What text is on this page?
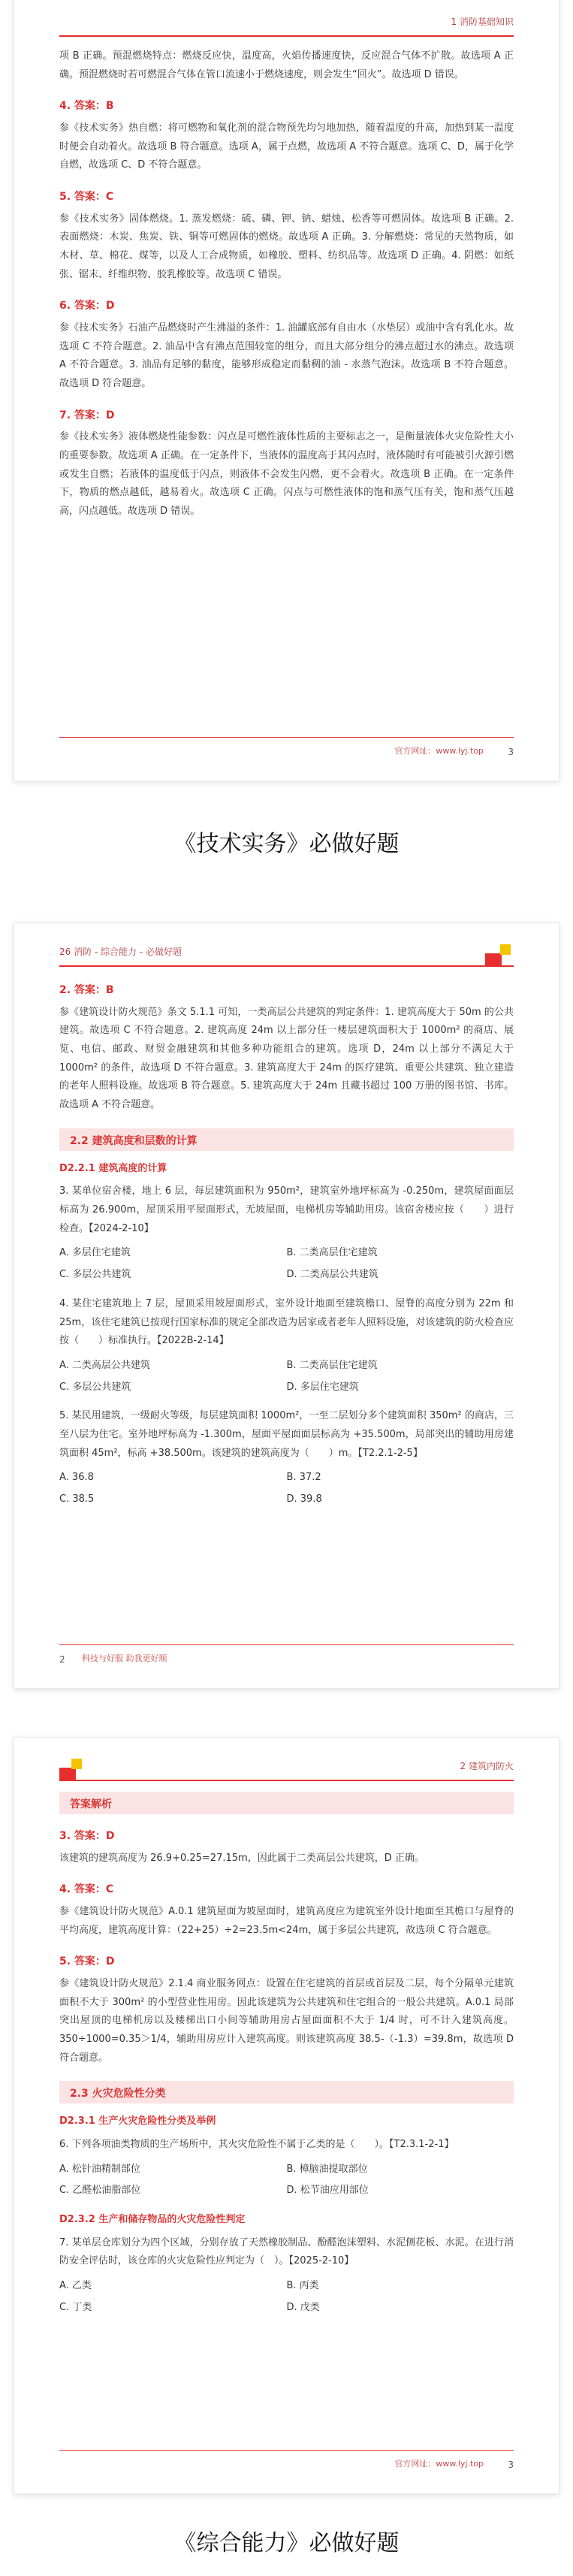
1 消防基础知识

项 B 正确。预混燃烧特点：燃烧反应快，温度高，火焰传播速度快，反应混合气体不扩散。故选项 A 正确。预混燃烧时若可燃混合气体在管口流速小于燃烧速度，则会发生“回火”。故选项 D 错误。

4. 答案：B

参《技术实务》热自燃：将可燃物和氧化剂的混合物预先均匀地加热，随着温度的升高，加热到某一温度时便会自动着火。故选项 B 符合题意。选项 A，属于点燃，故选项 A 不符合题意。选项 C、D，属于化学自燃，故选项 C、D 不符合题意。

5. 答案：C

参《技术实务》固体燃烧。1. 蒸发燃烧：硫、磷、钾、钠、蜡烛、松香等可燃固体。故选项 B 正确。2. 表面燃烧：木炭、焦炭、铁、铜等可燃固体的燃烧。故选项 A 正确。3. 分解燃烧：常见的天然物质，如木材、草、棉花、煤等，以及人工合成物质，如橡胶、塑料、纺织品等。故选项 D 正确。4. 阴燃：如纸张、锯末、纤维织物、胶乳橡胶等。故选项 C 错误。

6. 答案：D

参《技术实务》石油产品燃烧时产生沸溢的条件：1. 油罐底部有自由水（水垫层）或油中含有乳化水。故选项 C 不符合题意。2. 油品中含有沸点范围较宽的组分，而且大部分组分的沸点超过水的沸点。故选项 A 不符合题意。3. 油品有足够的黏度，能够形成稳定而黏稠的油 - 水蒸气泡沫。故选项 B 不符合题意。故选项 D 符合题意。

7. 答案：D

参《技术实务》液体燃烧性能参数：闪点是可燃性液体性质的主要标志之一，是衡量液体火灾危险性大小的重要参数。故选项 A 正确。在一定条件下，当液体的温度高于其闪点时，液体随时有可能被引火源引燃或发生自燃；若液体的温度低于闪点，则液体不会发生闪燃，更不会着火。故选项 B 正确。在一定条件下，物质的燃点越低，越易着火。故选项 C 正确。闪点与可燃性液体的饱和蒸气压有关，饱和蒸气压越高，闪点越低。故选项 D 错误。

官方网址：www.lyj.top	3
《技术实务》必做好题
26 消防 - 综合能力 - 必做好题
2. 答案：B

参《建筑设计防火规范》条文 5.1.1 可知，一类高层公共建筑的判定条件：1. 建筑高度大于 50m 的公共建筑。故选项 C 不符合题意。2. 建筑高度 24m 以上部分任一楼层建筑面积大于 1000m² 的商店、展览、电信、邮政、财贸金融建筑和其他多种功能组合的建筑。选项 D，24m 以上部分不满足大于 1000m² 的条件，故选项 D 不符合题意。3. 建筑高度大于 24m 的医疗建筑、重要公共建筑、独立建造的老年人照料设施。故选项 B 符合题意。5. 建筑高度大于 24m 且藏书超过 100 万册的图书馆、书库。故选项 A 不符合题意。

2.2 建筑高度和层数的计算
D2.2.1 建筑高度的计算

3. 某单位宿舍楼，地上 6 层，每层建筑面积为 950m²，建筑室外地坪标高为 -0.250m，建筑屋面面层标高为 26.900m，屋顶采用平屋面形式，无坡屋面，电梯机房等辅助用房。该宿舍楼应按（　　）进行检查。【2024-2-10】

A. 多层住宅建筑	B. 二类高层住宅建筑
C. 多层公共建筑	D. 二类高层公共建筑

4. 某住宅建筑地上 7 层，屋顶采用坡屋面形式，室外设计地面至建筑檐口、屋脊的高度分别为 22m 和 25m，该住宅建筑已按现行国家标准的规定全部改造为居家或者老年人照料设施，对该建筑的防火检查应按（　　）标准执行。【2022B-2-14】

A. 二类高层公共建筑	B. 二类高层住宅建筑
C. 多层公共建筑	D. 多层住宅建筑

5. 某民用建筑，一级耐火等级，每层建筑面积 1000m²，一至二层划分多个建筑面积 350m² 的商店，三至八层为住宅。室外地坪标高为 -1.300m，屋面平屋面面层标高为 +35.500m，局部突出的辅助用房建筑面积 45m²，标高 +38.500m。该建筑的建筑高度为（　　）m。【T2.2.1-2-5】

A. 36.8	B. 37.2
C. 38.5	D. 39.8
2 科技与好服 助我更好顺
2 建筑内防火
答案解析
3. 答案：D

该建筑的建筑高度为 26.9+0.25=27.15m，因此属于二类高层公共建筑，D 正确。

4. 答案：C

参《建筑设计防火规范》A.0.1 建筑屋面为坡屋面时，建筑高度应为建筑室外设计地面至其檐口与屋脊的平均高度，建筑高度计算：（22+25）÷2=23.5m<24m，属于多层公共建筑，故选项 C 符合题意。

5. 答案：D

参《建筑设计防火规范》2.1.4 商业服务网点：设置在住宅建筑的首层或首层及二层，每个分隔单元建筑面积不大于 300m² 的小型营业性用房。因此该建筑为公共建筑和住宅组合的一般公共建筑。A.0.1 局部突出屋顶的电梯机房以及楼梯出口小间等辅助用房占屋面面积不大于 1/4 时，可不计入建筑高度。350÷1000=0.35＞1/4，辅助用房应计入建筑高度。则该建筑高度 38.5-（-1.3）=39.8m，故选项 D 符合题意。

2.3 火灾危险性分类
D2.3.1 生产火灾危险性分类及举例

6. 下列各项油类物质的生产场所中，其火灾危险性不属于乙类的是（　　）。【T2.3.1-2-1】

A. 松针油精制部位	B. 樟脑油提取部位
C. 乙醛松油脂部位	D. 松节油应用部位
D2.3.2 生产和储存物品的火灾危险性判定

7. 某单层仓库划分为四个区域，分别存放了天然橡胶制品、酚醛泡沫塑料、水泥侧花板、水泥。在进行消防安全评估时，该仓库的火灾危险性应判定为（　）。【2025-2-10】

A. 乙类	B. 丙类
C. 丁类	D. 戊类
官方网址：www.lyj.top	3
《综合能力》必做好题
